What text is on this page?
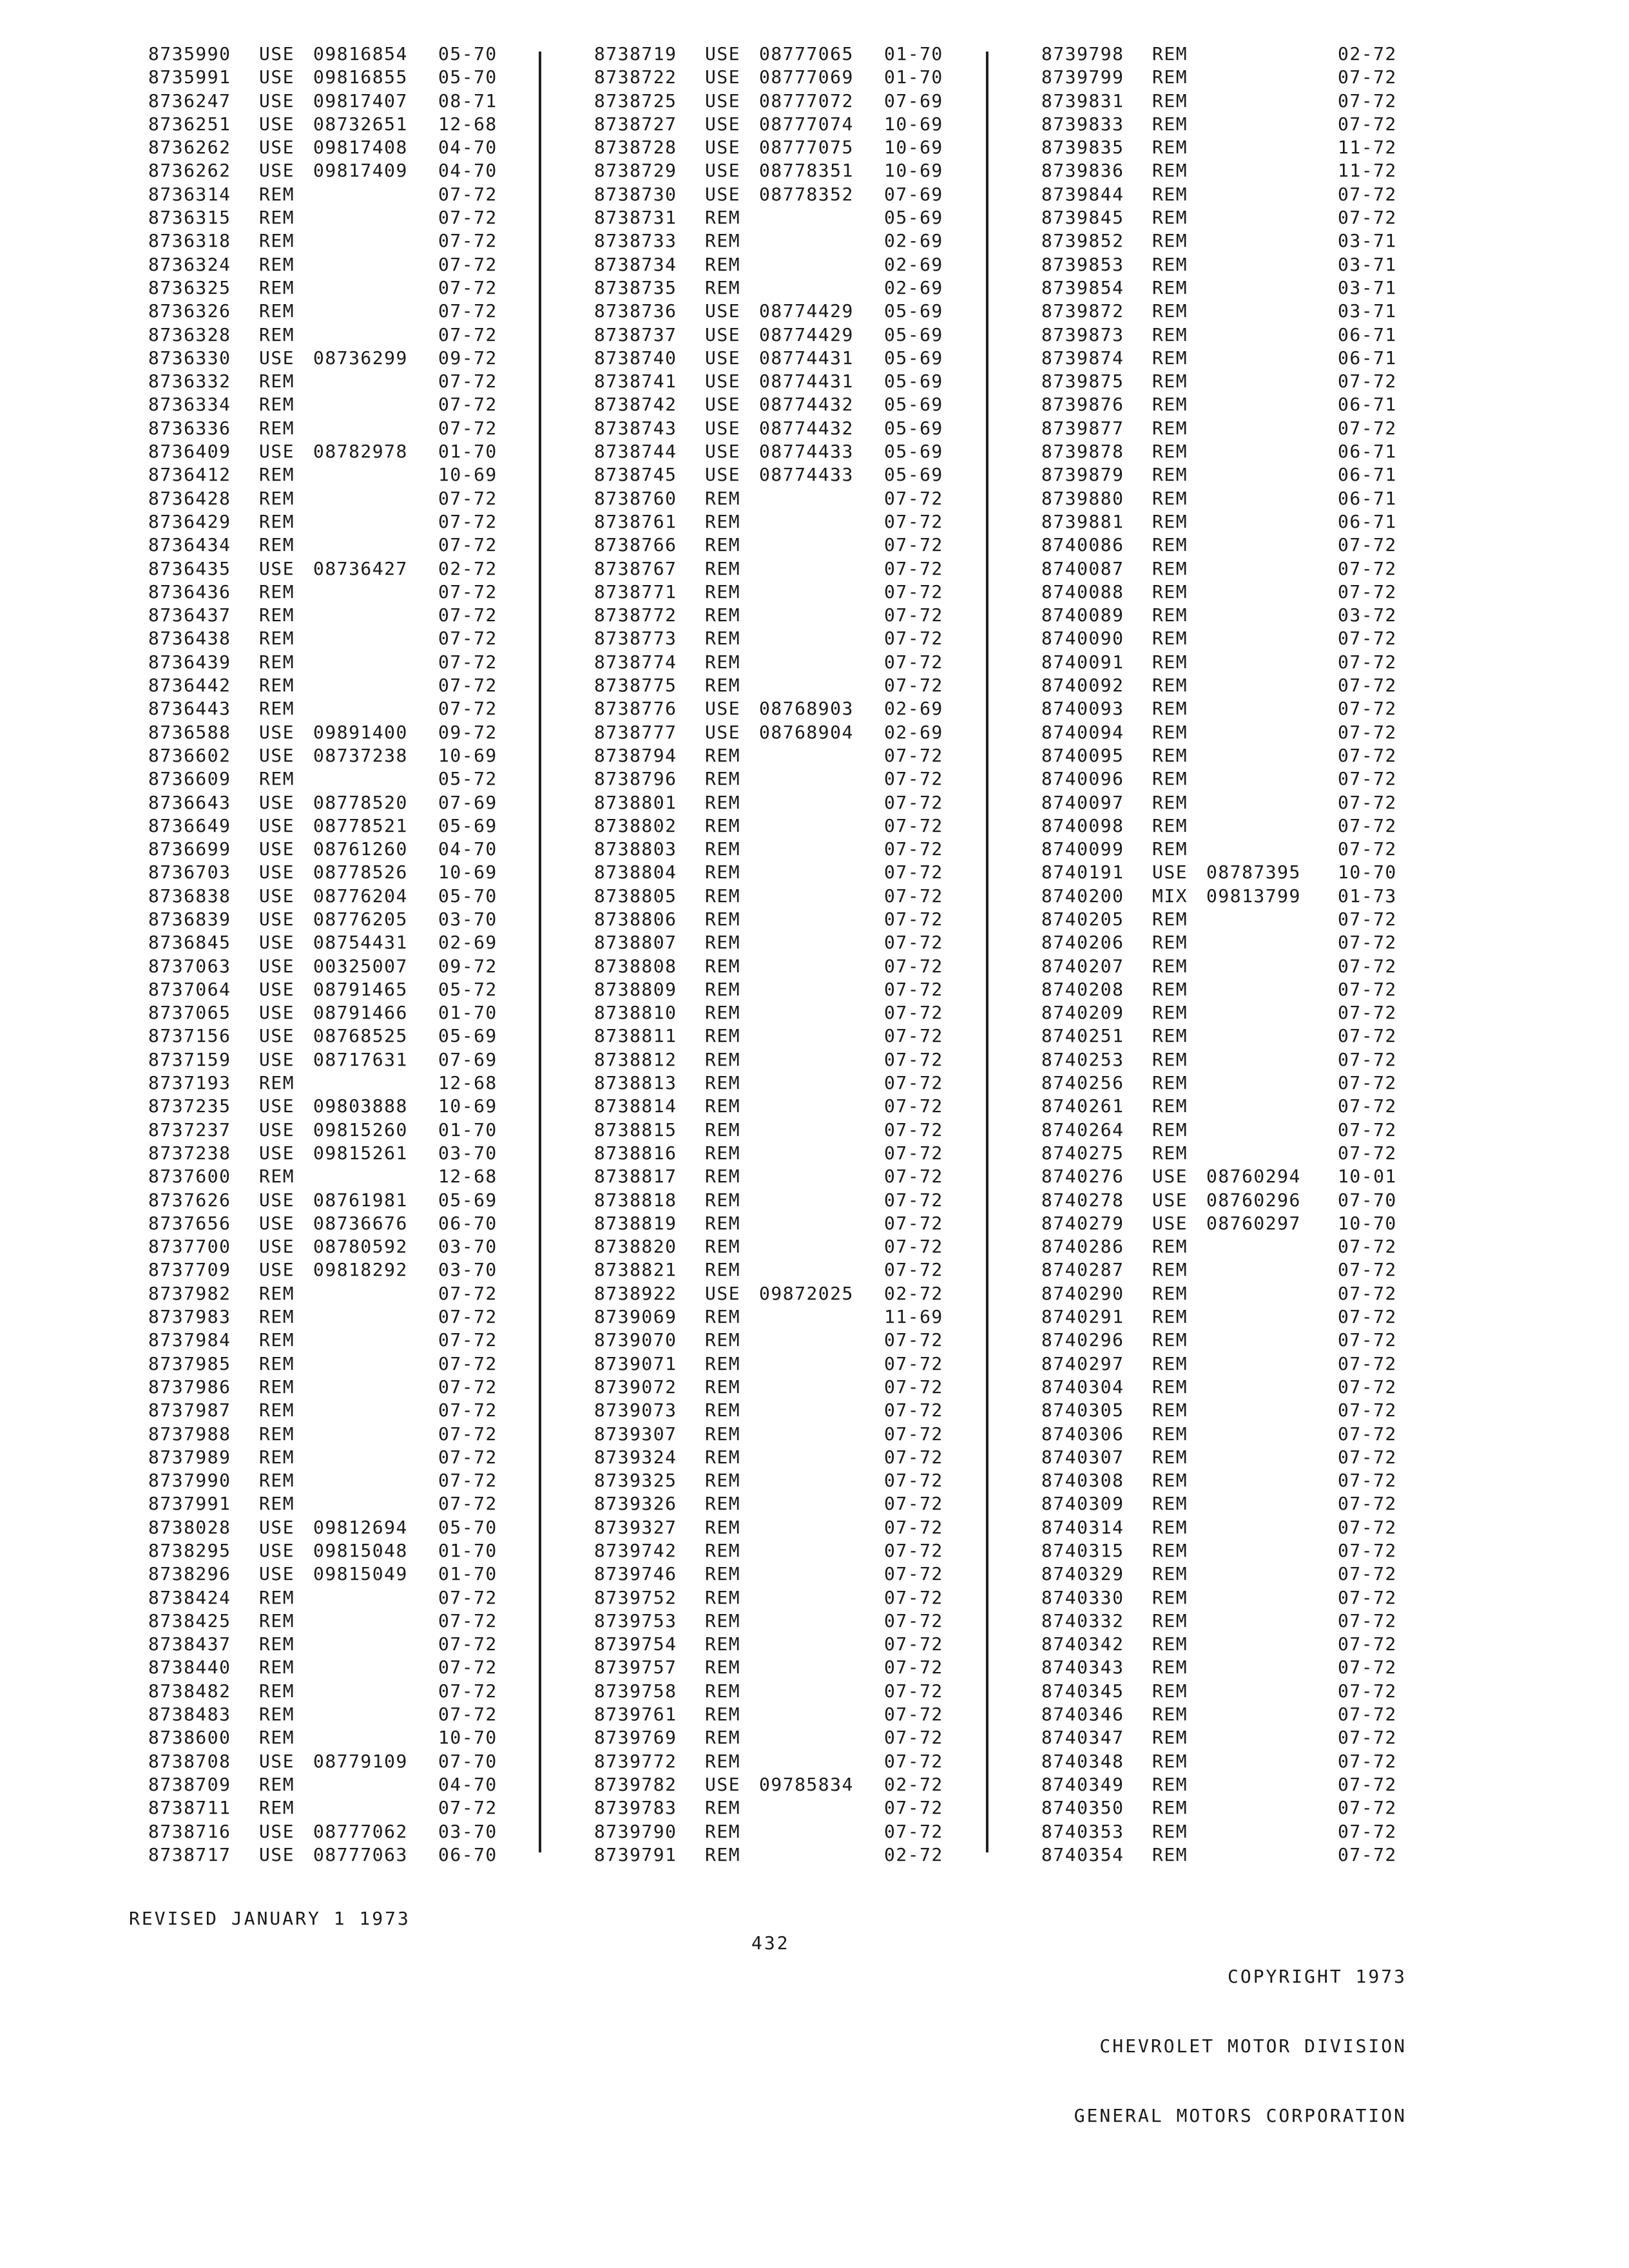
8735990 USE 09816854 05-70
8735991 USE 09816855 05-70
8736247 USE 09817407 08-71
8736251 USE 08732651 12-68
8736262 USE 09817408 04-70
8736262 USE 09817409 04-70
8736314 REM	07-72
8736315 REM	07-72
8736318 REM	07-72
8736324 REM	07-72
8736325 REM	07-72
8736326 REM	07-72
8736328 REM	07-72
8736330 USE 08736299 09-72
8736332 REM	07-72
8736334 REM	07-72
8736336 REM	07-72
8736409 USE 08782978 01-70
8736412 REM	10-69
8736428 REM	07-72
8736429 REM	07-72
8736434 REM	07-72
8736435 USE 08736427 02-72
8736436 REM	07-72
8736437 REM	07-72
8736438 REM	07-72
8736439 REM	07-72
8736442 REM	07-72
8736443 REM	07-72
8736588 USE 09891400 09-72
8736602 USE 08737238 10-69
8736609 REM	05-72
8736643 USE 08778520 07-69
8736649 USE 08778521 05-69
8736699 USE 08761260 04-70
8736703 USE 08778526 10-69
8736838 USE 08776204 05-70
8736839 USE 08776205 03-70
8736845 USE 08754431 02-69
8737063 USE 00325007 09-72
8737064 USE 08791465 05-72
8737065 USE 08791466 01-70
8737156 USE 08768525 05-69
8737159 USE 08717631 07-69
8737193 REM	12-68
8737235 USE 09803888 10-69
8737237 USE 09815260 01-70
8737238 USE 09815261 03-70
8737600 REM	12-68
8737626 USE 08761981 05-69
8737656 USE 08736676 06-70
8737700 USE 08780592 03-70
8737709 USE 09818292 03-70
8737982 REM	07-72
8737983 REM	07-72
8737984 REM	07-72
8737985 REM	07-72
8737986 REM	07-72
8737987 REM	07-72
8737988 REM	07-72
8737989 REM	07-72
8737990 REM	07-72
8737991 REM	07-72
8738028 USE 09812694 05-70
8738295 USE 09815048 01-70
8738296 USE 09815049 01-70
8738424 REM	07-72
8738425 REM	07-72
8738437 REM	07-72
8738440 REM	07-72
8738482 REM	07-72
8738483 REM	07-72
8738600 REM	10-70
8738708 USE 08779109 07-70
8738709 REM	04-70
8738711 REM	07-72
8738716 USE 08777062 03-70
8738717 USE 08777063 06-70
8738719 USE 08777065 01-70
8738722 USE 08777069 01-70
8738725 USE 08777072 07-69
8738727 USE 08777074 10-69
8738728 USE 08777075 10-69
8738729 USE 08778351 10-69
8738730 USE 08778352 07-69
8738731 REM	05-69
8738733 REM	02-69
8738734 REM	02-69
8738735 REM	02-69
8738736 USE 08774429 05-69
8738737 USE 08774429 05-69
8738740 USE 08774431 05-69
8738741 USE 08774431 05-69
8738742 USE 08774432 05-69
8738743 USE 08774432 05-69
8738744 USE 08774433 05-69
8738745 USE 08774433 05-69
8738760 REM	07-72
8738761 REM	07-72
8738766 REM	07-72
8738767 REM	07-72
8738771 REM	07-72
8738772 REM	07-72
8738773 REM	07-72
8738774 REM	07-72
8738775 REM	07-72
8738776 USE 08768903 02-69
8738777 USE 08768904 02-69
8738794 REM	07-72
8738796 REM	07-72
8738801 REM	07-72
8738802 REM	07-72
8738803 REM	07-72
8738804 REM	07-72
8738805 REM	07-72
8738806 REM	07-72
8738807 REM	07-72
8738808 REM	07-72
8738809 REM	07-72
8738810 REM	07-72
8738811 REM	07-72
8738812 REM	07-72
8738813 REM	07-72
8738814 REM	07-72
8738815 REM	07-72
8738816 REM	07-72
8738817 REM	07-72
8738818 REM	07-72
8738819 REM	07-72
8738820 REM	07-72
8738821 REM	07-72
8738922 USE 09872025 02-72
8739069 REM	11-69
8739070 REM	07-72
8739071 REM	07-72
8739072 REM	07-72
8739073 REM	07-72
8739307 REM	07-72
8739324 REM	07-72
8739325 REM	07-72
8739326 REM	07-72
8739327 REM	07-72
8739742 REM	07-72
8739746 REM	07-72
8739752 REM	07-72
8739753 REM	07-72
8739754 REM	07-72
8739757 REM	07-72
8739758 REM	07-72
8739761 REM	07-72
8739769 REM	07-72
8739772 REM	07-72
8739782 USE 09785834 02-72
8739783 REM	07-72
8739790 REM	07-72
8739791 REM	02-72
8739798 REM	02-72
8739799 REM	07-72
8739831 REM	07-72
8739833 REM	07-72
8739835 REM	11-72
8739836 REM	11-72
8739844 REM	07-72
8739845 REM	07-72
8739852 REM	03-71
8739853 REM	03-71
8739854 REM	03-71
8739872 REM	03-71
8739873 REM	06-71
8739874 REM	06-71
8739875 REM	07-72
8739876 REM	06-71
8739877 REM	07-72
8739878 REM	06-71
8739879 REM	06-71
8739880 REM	06-71
8739881 REM	06-71
8740086 REM	07-72
8740087 REM	07-72
8740088 REM	07-72
8740089 REM	03-72
8740090 REM	07-72
8740091 REM	07-72
8740092 REM	07-72
8740093 REM	07-72
8740094 REM	07-72
8740095 REM	07-72
8740096 REM	07-72
8740097 REM	07-72
8740098 REM	07-72
8740099 REM	07-72
8740191 USE 08787395 10-70
8740200 MIX 09813799 01-73
8740205 REM	07-72
8740206 REM	07-72
8740207 REM	07-72
8740208 REM	07-72
8740209 REM	07-72
8740251 REM	07-72
8740253 REM	07-72
8740256 REM	07-72
8740261 REM	07-72
8740264 REM	07-72
8740275 REM	07-72
8740276 USE 08760294 10-01
8740278 USE 08760296 07-70
8740279 USE 08760297 10-70
8740286 REM	07-72
8740287 REM	07-72
8740290 REM	07-72
8740291 REM	07-72
8740296 REM	07-72
8740297 REM	07-72
8740304 REM	07-72
8740305 REM	07-72
8740306 REM	07-72
8740307 REM	07-72
8740308 REM	07-72
8740309 REM	07-72
8740314 REM	07-72
8740315 REM	07-72
8740329 REM	07-72
8740330 REM	07-72
8740332 REM	07-72
8740342 REM	07-72
8740343 REM	07-72
8740345 REM	07-72
8740346 REM	07-72
8740347 REM	07-72
8740348 REM	07-72
8740349 REM	07-72
8740350 REM	07-72
8740353 REM	07-72
8740354 REM	07-72
REVISED JANUARY 1 1973
432

COPYRIGHT 1973

CHEVROLET MOTOR DIVISION

GENERAL MOTORS CORPORATION
